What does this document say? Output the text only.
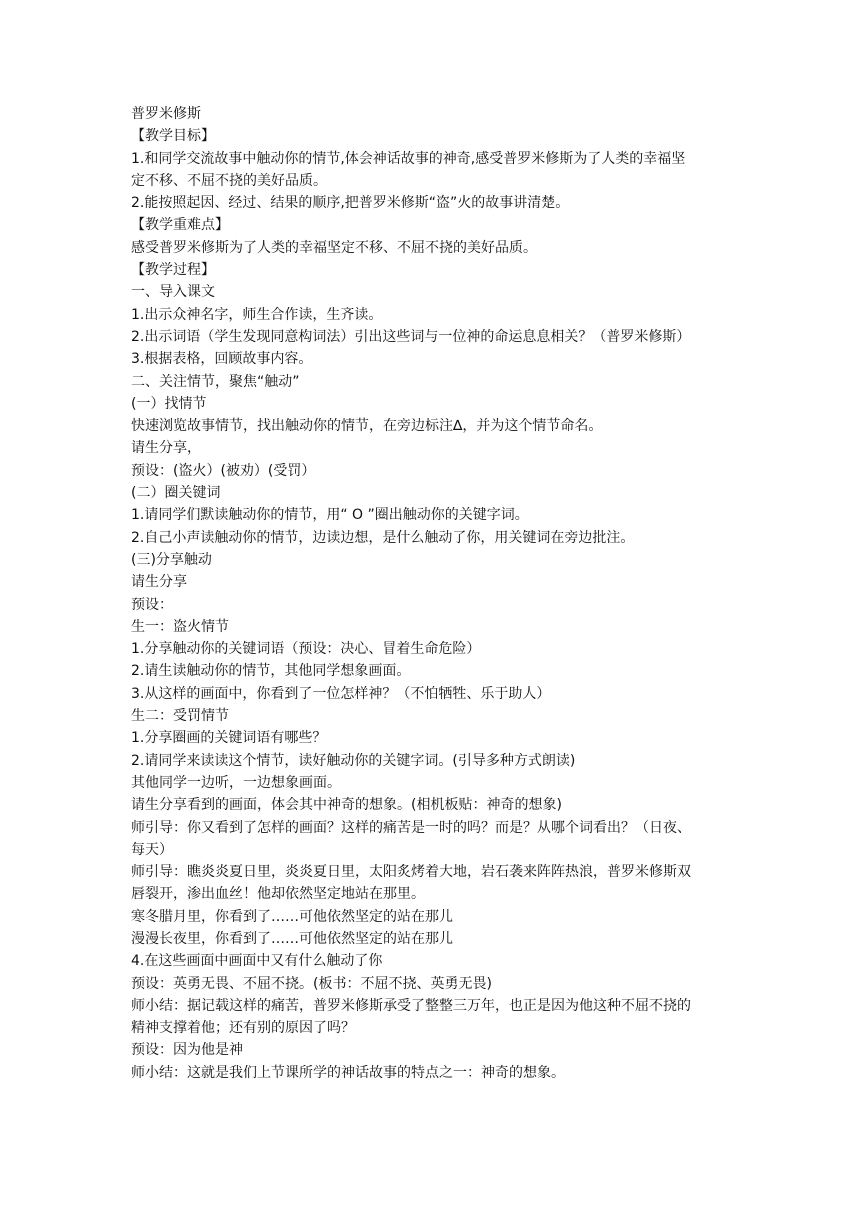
普罗米修斯

【教学目标】

1.和同学交流故事中触动你的情节,体会神话故事的神奇,感受普罗米修斯为了人类的幸福坚

定不移、不屈不挠的美好品质。

2.能按照起因、经过、结果的顺序,把普罗米修斯“盗”火的故事讲清楚。

【教学重难点】

感受普罗米修斯为了人类的幸福坚定不移、不屈不挠的美好品质。

【教学过程】

一、导入课文

1.出示众神名字，师生合作读，生齐读。

2.出示词语（学生发现同意构词法）引出这些词与一位神的命运息息相关？（普罗米修斯）

3.根据表格，回顾故事内容。

二、关注情节，聚焦“触动”

(一）找情节

快速浏览故事情节，找出触动你的情节，在旁边标注∆，并为这个情节命名。

请生分享，

预设：(盗火）(被劝）(受罚）

(二）圈关键词

1.请同学们默读触动你的情节，用“ O ”圈出触动你的关键字词。

2.自己小声读触动你的情节，边读边想，是什么触动了你，用关键词在旁边批注。

(三)分享触动

请生分享

预设：

生一：盗火情节

1.分享触动你的关键词语（预设：决心、冒着生命危险）

2.请生读触动你的情节，其他同学想象画面。

3.从这样的画面中，你看到了一位怎样神？（不怕牺牲、乐于助人）

生二：受罚情节

1.分享圈画的关键词语有哪些？

2.请同学来读读这个情节，读好触动你的关键字词。(引导多种方式朗读)

其他同学一边听，一边想象画面。

请生分享看到的画面，体会其中神奇的想象。(相机板贴：神奇的想象)

师引导：你又看到了怎样的画面？这样的痛苦是一时的吗？而是？从哪个词看出？（日夜、

每天）

师引导：瞧炎炎夏日里，炎炎夏日里，太阳炙烤着大地，岩石袭来阵阵热浪，普罗米修斯双

唇裂开，渗出血丝！他却依然坚定地站在那里。

寒冬腊月里，你看到了……可他依然坚定的站在那儿

漫漫长夜里，你看到了……可他依然坚定的站在那儿

4.在这些画面中画面中又有什么触动了你

预设：英勇无畏、不屈不挠。(板书：不屈不挠、英勇无畏)

师小结：据记载这样的痛苦，普罗米修斯承受了整整三万年，也正是因为他这种不屈不挠的

精神支撑着他；还有别的原因了吗？

预设：因为他是神

师小结：这就是我们上节课所学的神话故事的特点之一：神奇的想象。
